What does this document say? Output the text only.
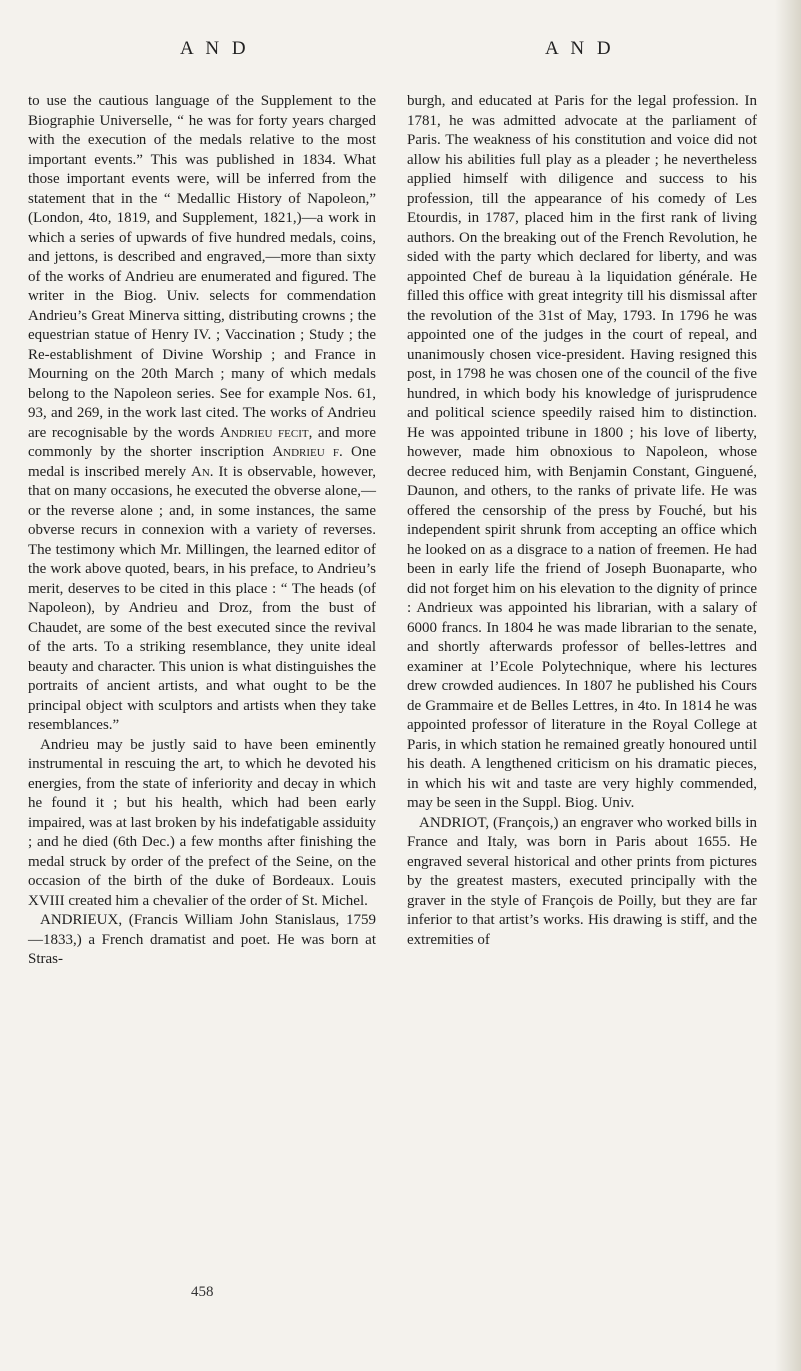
A N D	A N D

to use the cautious language of the Supplement to the Biographie Universelle, “ he was for forty years charged with the execution of the medals relative to the most important events.” This was published in 1834. What those important events were, will be inferred from the statement that in the “ Medallic History of Napoleon,” (London, 4to, 1819, and Supplement, 1821,)—a work in which a series of upwards of five hundred medals, coins, and jettons, is described and engraved,—more than sixty of the works of Andrieu are enumerated and figured. The writer in the Biog. Univ. selects for commendation Andrieu’s Great Minerva sitting, distributing crowns ; the equestrian statue of Henry IV. ; Vaccination ; Study ; the Re-establishment of Divine Worship ; and France in Mourning on the 20th March ; many of which medals belong to the Napoleon series. See for example Nos. 61, 93, and 269, in the work last cited. The works of Andrieu are recognisable by the words Andrieu fecit, and more commonly by the shorter inscription Andrieu f. One medal is inscribed merely An. It is observable, however, that on many occasions, he executed the obverse alone,—or the reverse alone ; and, in some instances, the same obverse recurs in connexion with a variety of reverses. The testimony which Mr. Millingen, the learned editor of the work above quoted, bears, in his preface, to Andrieu’s merit, deserves to be cited in this place : “ The heads (of Napoleon), by Andrieu and Droz, from the bust of Chaudet, are some of the best executed since the revival of the arts. To a striking resemblance, they unite ideal beauty and character. This union is what distinguishes the portraits of ancient artists, and what ought to be the principal object with sculptors and artists when they take resemblances.”

Andrieu may be justly said to have been eminently instrumental in rescuing the art, to which he devoted his energies, from the state of inferiority and decay in which he found it ; but his health, which had been early impaired, was at last broken by his indefatigable assiduity ; and he died (6th Dec.) a few months after finishing the medal struck by order of the prefect of the Seine, on the occasion of the birth of the duke of Bordeaux. Louis XVIII created him a chevalier of the order of St. Michel.

ANDRIEUX, (Francis William John Stanislaus, 1759—1833,) a French dramatist and poet. He was born at Stras-

burgh, and educated at Paris for the legal profession. In 1781, he was admitted advocate at the parliament of Paris. The weakness of his constitution and voice did not allow his abilities full play as a pleader ; he nevertheless applied himself with diligence and success to his profession, till the appearance of his comedy of Les Etourdis, in 1787, placed him in the first rank of living authors. On the breaking out of the French Revolution, he sided with the party which declared for liberty, and was appointed Chef de bureau à la liquidation générale. He filled this office with great integrity till his dismissal after the revolution of the 31st of May, 1793. In 1796 he was appointed one of the judges in the court of repeal, and unanimously chosen vice-president. Having resigned this post, in 1798 he was chosen one of the council of the five hundred, in which body his knowledge of jurisprudence and political science speedily raised him to distinction. He was appointed tribune in 1800 ; his love of liberty, however, made him obnoxious to Napoleon, whose decree reduced him, with Benjamin Constant, Ginguené, Daunon, and others, to the ranks of private life. He was offered the censorship of the press by Fouché, but his independent spirit shrunk from accepting an office which he looked on as a disgrace to a nation of freemen. He had been in early life the friend of Joseph Buonaparte, who did not forget him on his elevation to the dignity of prince : Andrieux was appointed his librarian, with a salary of 6000 francs. In 1804 he was made librarian to the senate, and shortly afterwards professor of belles-lettres and examiner at l’Ecole Polytechnique, where his lectures drew crowded audiences. In 1807 he published his Cours de Grammaire et de Belles Lettres, in 4to. In 1814 he was appointed professor of literature in the Royal College at Paris, in which station he remained greatly honoured until his death. A lengthened criticism on his dramatic pieces, in which his wit and taste are very highly commended, may be seen in the Suppl. Biog. Univ.

ANDRIOT, (François,) an engraver who worked bills in France and Italy, was born in Paris about 1655. He engraved several historical and other prints from pictures by the greatest masters, executed principally with the graver in the style of François de Poilly, but they are far inferior to that artist’s works. His drawing is stiff, and the extremities of

458
